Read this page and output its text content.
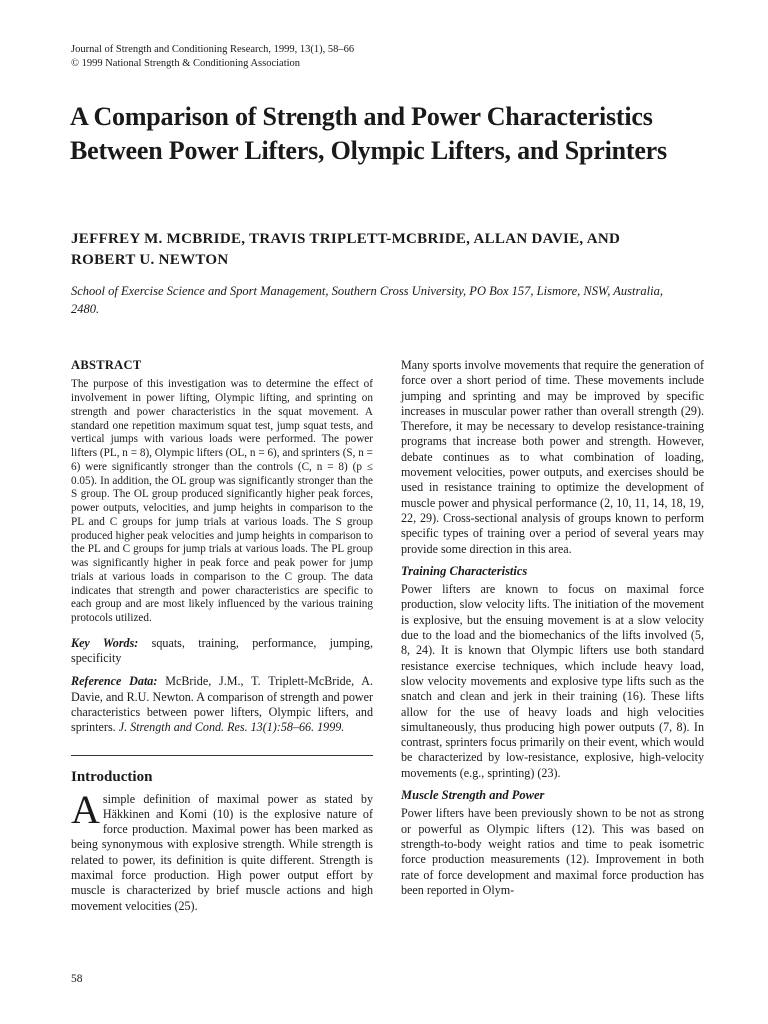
Journal of Strength and Conditioning Research, 1999, 13(1), 58–66
© 1999 National Strength & Conditioning Association
A Comparison of Strength and Power Characteristics Between Power Lifters, Olympic Lifters, and Sprinters
JEFFREY M. MCBRIDE, TRAVIS TRIPLETT-MCBRIDE, ALLAN DAVIE, AND
ROBERT U. NEWTON

School of Exercise Science and Sport Management, Southern Cross University, PO Box 157, Lismore, NSW, Australia, 2480.

ABSTRACT

The purpose of this investigation was to determine the effect of involvement in power lifting, Olympic lifting, and sprinting on strength and power characteristics in the squat movement. A standard one repetition maximum squat test, jump squat tests, and vertical jumps with various loads were performed. The power lifters (PL, n = 8), Olympic lifters (OL, n = 6), and sprinters (S, n = 6) were significantly stronger than the controls (C, n = 8) (p ≤ 0.05). In addition, the OL group was significantly stronger than the S group. The OL group produced significantly higher peak forces, power outputs, velocities, and jump heights in comparison to the PL and C groups for jump trials at various loads. The S group produced higher peak velocities and jump heights in comparison to the PL and C groups for jump trials at various loads. The PL group was significantly higher in peak force and peak power for jump trials at various loads in comparison to the C group. The data indicates that strength and power characteristics are specific to each group and are most likely influenced by the various training protocols utilized.

Key Words: squats, training, performance, jumping, specificity

Reference Data: McBride, J.M., T. Triplett-McBride, A. Davie, and R.U. Newton. A comparison of strength and power characteristics between power lifters, Olympic lifters, and sprinters. J. Strength and Cond. Res. 13(1):58–66. 1999.

Introduction

Asimple definition of maximal power as stated by Häkkinen and Komi (10) is the explosive nature of force production. Maximal power has been marked as being synonymous with explosive strength. While strength is related to power, its definition is quite different. Strength is maximal force production. High power output effort by muscle is characterized by brief muscle actions and high movement velocities (25).

Many sports involve movements that require the generation of force over a short period of time. These movements include jumping and sprinting and may be improved by specific increases in muscular power rather than overall strength (29). Therefore, it may be necessary to develop resistance-training programs that increase both power and strength. However, debate continues as to what combination of loading, movement velocities, power outputs, and exercises should be used in resistance training to optimize the development of muscle power and physical performance (2, 10, 11, 14, 18, 19, 22, 29). Cross-sectional analysis of groups known to perform specific types of training over a period of several years may provide some direction in this area.

Training Characteristics

Power lifters are known to focus on maximal force production, slow velocity lifts. The initiation of the movement is explosive, but the ensuing movement is at a slow velocity due to the load and the biomechanics of the lifts involved (5, 8, 24). It is known that Olympic lifters use both standard resistance exercise techniques, which include heavy load, slow velocity movements and explosive type lifts such as the snatch and clean and jerk in their training (16). These lifts allow for the use of heavy loads and high velocities simultaneously, thus producing high power outputs (7, 8). In contrast, sprinters focus primarily on their event, which would be characterized by low-resistance, explosive, high-velocity movements (e.g., sprinting) (23).

Muscle Strength and Power

Power lifters have been previously shown to be not as strong or powerful as Olympic lifters (12). This was based on strength-to-body weight ratios and time to peak isometric force production measurements (12). Improvement in both rate of force development and maximal force production has been reported in Olym-

58
